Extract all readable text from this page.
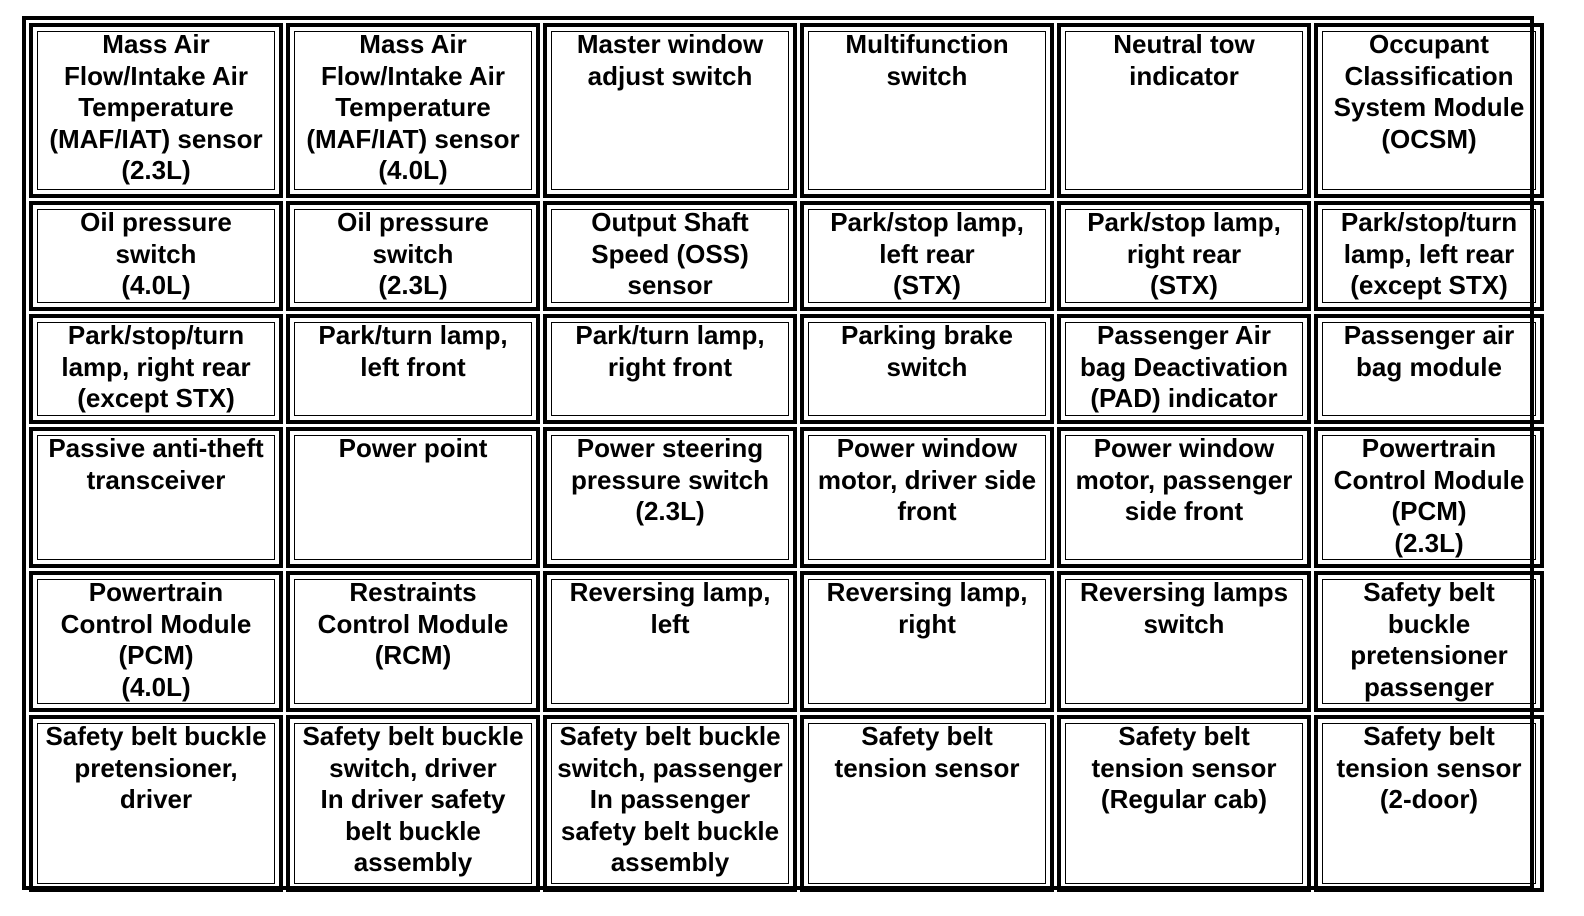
Mass Air
Flow/Intake Air
Temperature
(MAF/IAT) sensor
(2.3L)
Mass Air
Flow/Intake Air
Temperature
(MAF/IAT) sensor
(4.0L)
Master window
adjust switch
Multifunction
switch
Neutral tow
indicator
Occupant
Classification
System Module
(OCSM)
Oil pressure
switch
(4.0L)
Oil pressure
switch
(2.3L)
Output Shaft
Speed (OSS)
sensor
Park/stop lamp,
left rear
(STX)
Park/stop lamp,
right rear
(STX)
Park/stop/turn
lamp, left rear
(except STX)
Park/stop/turn
lamp, right rear
(except STX)
Park/turn lamp,
left front
Park/turn lamp,
right front
Parking brake
switch
Passenger Air
bag Deactivation
(PAD) indicator
Passenger air
bag module
Passive anti-theft
transceiver
Power point	Power steering
pressure switch
(2.3L)
Power window
motor, driver side
front
Power window
motor, passenger
side front
Powertrain
Control Module
(PCM)
(2.3L)
Powertrain
Control Module
(PCM)
(4.0L)
Restraints
Control Module
(RCM)
Reversing lamp,
left
Reversing lamp,
right
Reversing lamps
switch
Safety belt
buckle
pretensioner
passenger
Safety belt buckle
pretensioner,
driver
Safety belt buckle
switch, driver
In driver safety
belt buckle
assembly
Safety belt buckle
switch, passenger
In passenger
safety belt buckle
assembly
Safety belt
tension sensor
Safety belt
tension sensor
(Regular cab)
Safety belt
tension sensor
(2-door)
